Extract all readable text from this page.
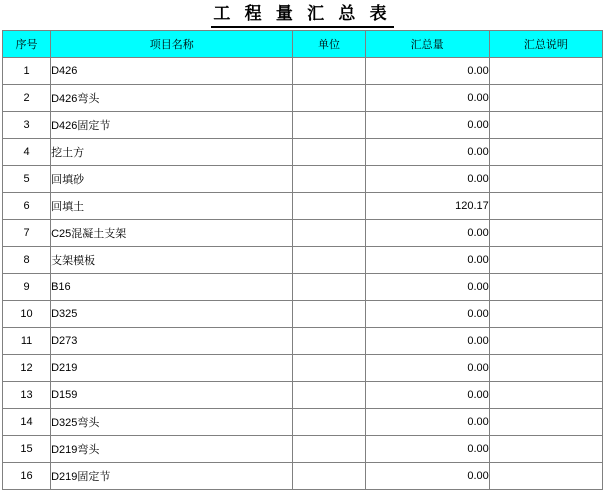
工 程 量 汇 总 表
序号	项目名称	单位	汇总量	汇总说明
1	D426		0.00	
2	D426弯头		0.00	
3	D426固定节		0.00	
4	挖土方		0.00	
5	回填砂		0.00	
6	回填土		120.17	
7	C25混凝土支架		0.00	
8	支架模板		0.00	
9	B16		0.00	
10	D325		0.00	
11	D273		0.00	
12	D219		0.00	
13	D159		0.00	
14	D325弯头		0.00	
15	D219弯头		0.00	
16	D219固定节		0.00	
